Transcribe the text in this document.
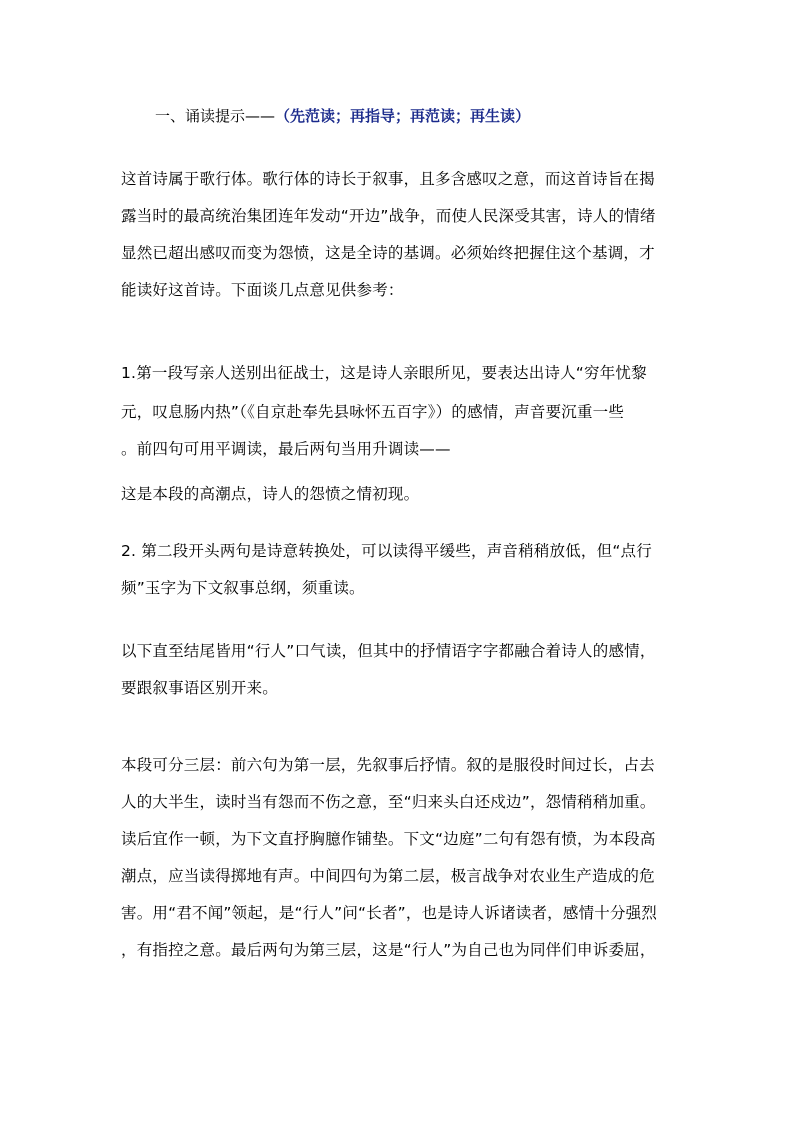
一、诵读提示——（先范读；再指导；再范读；再生读）
这首诗属于歌行体。歌行体的诗长于叙事，且多含感叹之意，而这首诗旨在揭
露当时的最高统治集团连年发动“开边”战争，而使人民深受其害，诗人的情绪
显然已超出感叹而变为怨愤，这是全诗的基调。必须始终把握住这个基调，才
能读好这首诗。下面谈几点意见供参考：
1.第一段写亲人送别出征战士，这是诗人亲眼所见，要表达出诗人“穷年忧黎
元，叹息肠内热”（《自京赴奉先县咏怀五百字》）的感情，声音要沉重一些
。前四句可用平调读，最后两句当用升调读——
这是本段的高潮点，诗人的怨愤之情初现。
2. 第二段开头两句是诗意转换处，可以读得平缓些，声音稍稍放低，但“点行
频”玉字为下文叙事总纲，须重读。
以下直至结尾皆用“行人”口气读，但其中的抒情语字字都融合着诗人的感情，
要跟叙事语区别开来。
本段可分三层：前六句为第一层，先叙事后抒情。叙的是服役时间过长，占去
人的大半生，读时当有怨而不伤之意，至“归来头白还戍边”，怨情稍稍加重。
读后宜作一顿，为下文直抒胸臆作铺垫。下文“边庭”二句有怨有愤，为本段高
潮点，应当读得掷地有声。中间四句为第二层，极言战争对农业生产造成的危
害。用“君不闻”领起，是“行人”问“长者”，也是诗人诉诸读者，感情十分强烈
，有指控之意。最后两句为第三层，这是“行人”为自己也为同伴们申诉委屈，
